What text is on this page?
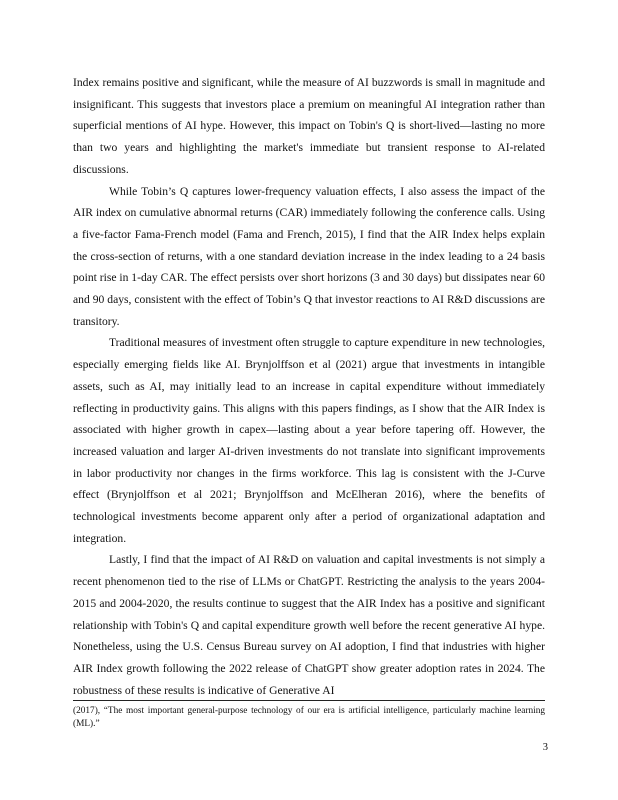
Index remains positive and significant, while the measure of AI buzzwords is small in magnitude and insignificant. This suggests that investors place a premium on meaningful AI integration rather than superficial mentions of AI hype. However, this impact on Tobin's Q is short-lived—lasting no more than two years and highlighting the market's immediate but transient response to AI-related discussions.

While Tobin’s Q captures lower-frequency valuation effects, I also assess the impact of the AIR index on cumulative abnormal returns (CAR) immediately following the conference calls. Using a five-factor Fama-French model (Fama and French, 2015), I find that the AIR Index helps explain the cross-section of returns, with a one standard deviation increase in the index leading to a 24 basis point rise in 1-day CAR. The effect persists over short horizons (3 and 30 days) but dissipates near 60 and 90 days, consistent with the effect of Tobin’s Q that investor reactions to AI R&D discussions are transitory.

Traditional measures of investment often struggle to capture expenditure in new technologies, especially emerging fields like AI. Brynjolffson et al (2021) argue that investments in intangible assets, such as AI, may initially lead to an increase in capital expenditure without immediately reflecting in productivity gains. This aligns with this papers findings, as I show that the AIR Index is associated with higher growth in capex—lasting about a year before tapering off. However, the increased valuation and larger AI-driven investments do not translate into significant improvements in labor productivity nor changes in the firms workforce. This lag is consistent with the J-Curve effect (Brynjolffson et al 2021; Brynjolffson and McElheran 2016), where the benefits of technological investments become apparent only after a period of organizational adaptation and integration.

Lastly, I find that the impact of AI R&D on valuation and capital investments is not simply a recent phenomenon tied to the rise of LLMs or ChatGPT. Restricting the analysis to the years 2004-2015 and 2004-2020, the results continue to suggest that the AIR Index has a positive and significant relationship with Tobin's Q and capital expenditure growth well before the recent generative AI hype. Nonetheless, using the U.S. Census Bureau survey on AI adoption, I find that industries with higher AIR Index growth following the 2022 release of ChatGPT show greater adoption rates in 2024. The robustness of these results is indicative of Generative AI

(2017), “The most important general-purpose technology of our era is artificial intelligence, particularly machine learning (ML).”
3
